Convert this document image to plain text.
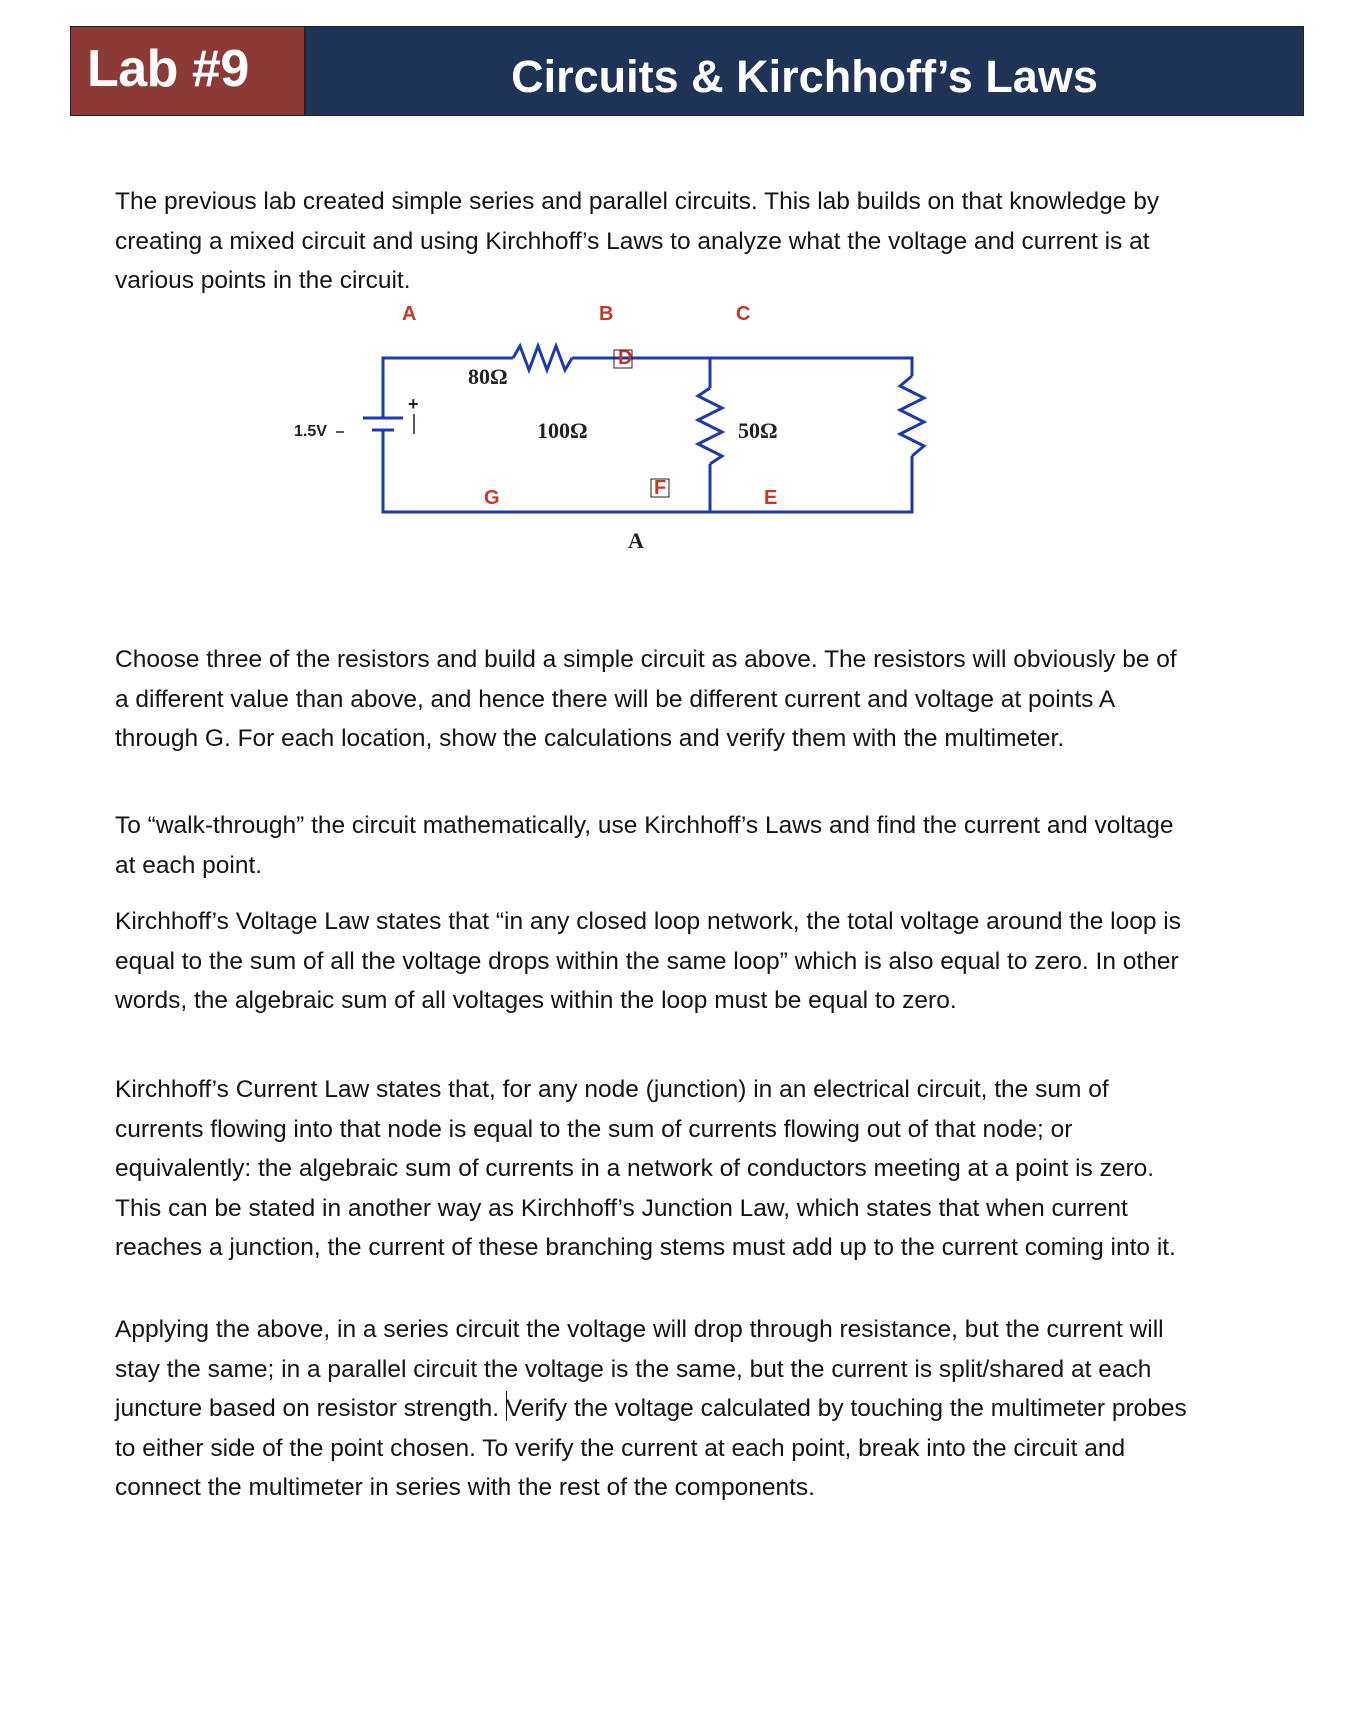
Lab #9	Circuits & Kirchhoff’s Laws

The previous lab created simple series and parallel circuits. This lab builds on that knowledge by creating a mixed circuit and using Kirchhoff’s Laws to analyze what the voltage and current is at various points in the circuit.

1.5V
+
A	B	C
D
G	F	E
80Ω
100Ω	50Ω
A

Choose three of the resistors and build a simple circuit as above. The resistors will obviously be of a different value than above, and hence there will be different current and voltage at points A through G. For each location, show the calculations and verify them with the multimeter.

To “walk-through” the circuit mathematically, use Kirchhoff’s Laws and find the current and voltage at each point.

Kirchhoff’s Voltage Law states that “in any closed loop network, the total voltage around the loop is equal to the sum of all the voltage drops within the same loop” which is also equal to zero. In other words, the algebraic sum of all voltages within the loop must be equal to zero.

Kirchhoff’s Current Law states that, for any node (junction) in an electrical circuit, the sum of currents flowing into that node is equal to the sum of currents flowing out of that node; or equivalently: the algebraic sum of currents in a network of conductors meeting at a point is zero. This can be stated in another way as Kirchhoff’s Junction Law, which states that when current reaches a junction, the current of these branching stems must add up to the current coming into it.

Applying the above, in a series circuit the voltage will drop through resistance, but the current will stay the same; in a parallel circuit the voltage is the same, but the current is split/shared at each juncture based on resistor strength. Verify the voltage calculated by touching the multimeter probes to either side of the point chosen. To verify the current at each point, break into the circuit and connect the multimeter in series with the rest of the components.
